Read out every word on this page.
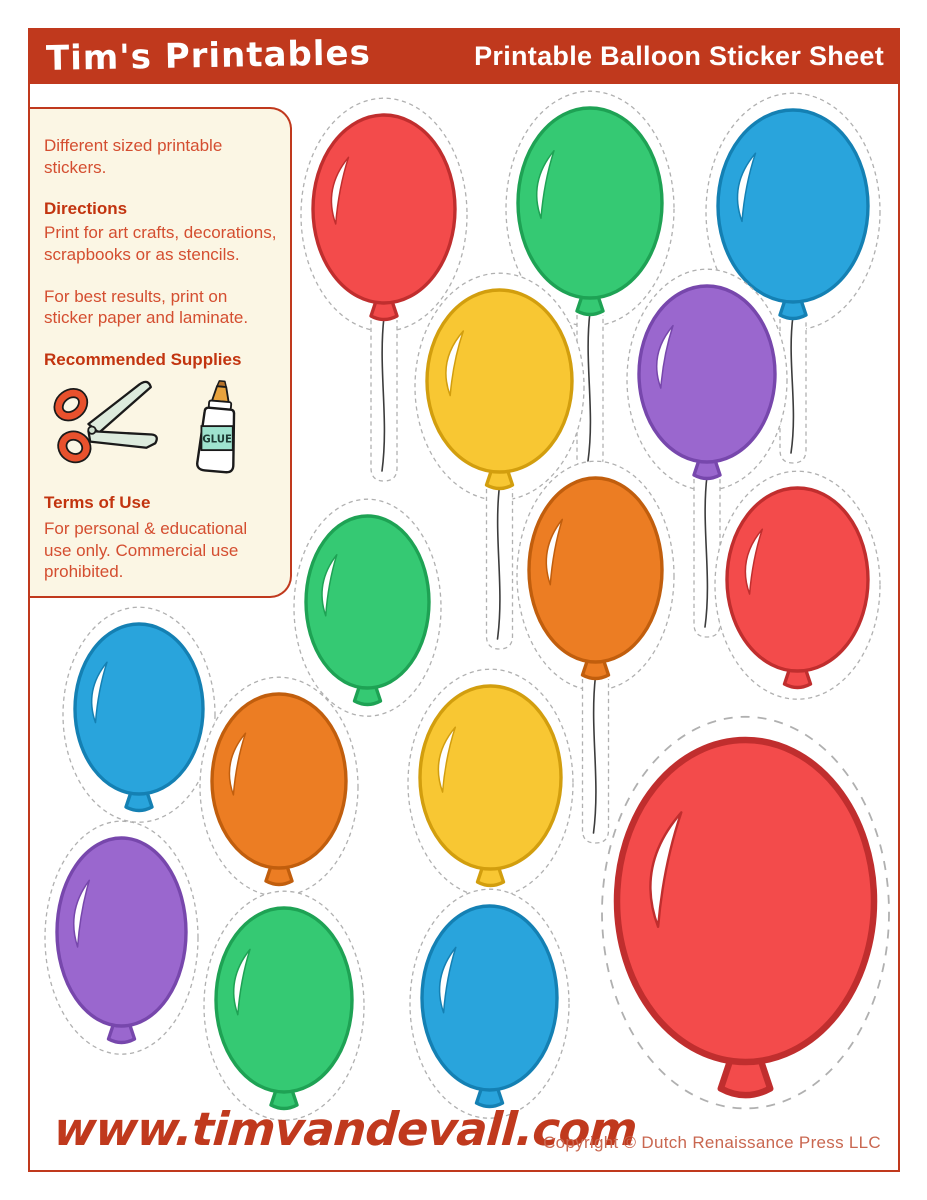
Tim's Printables	Printable Balloon Sticker Sheet

Different sized printable stickers.

Directions

Print for art crafts, decorations, scrapbooks or as stencils.

For best results, print on sticker paper and laminate.

Recommended Supplies
GLUE
Terms of Use

For personal & educational use only. Commercial use prohibited.

www.timvandevall.com
Copyright © Dutch Renaissance Press LLC
